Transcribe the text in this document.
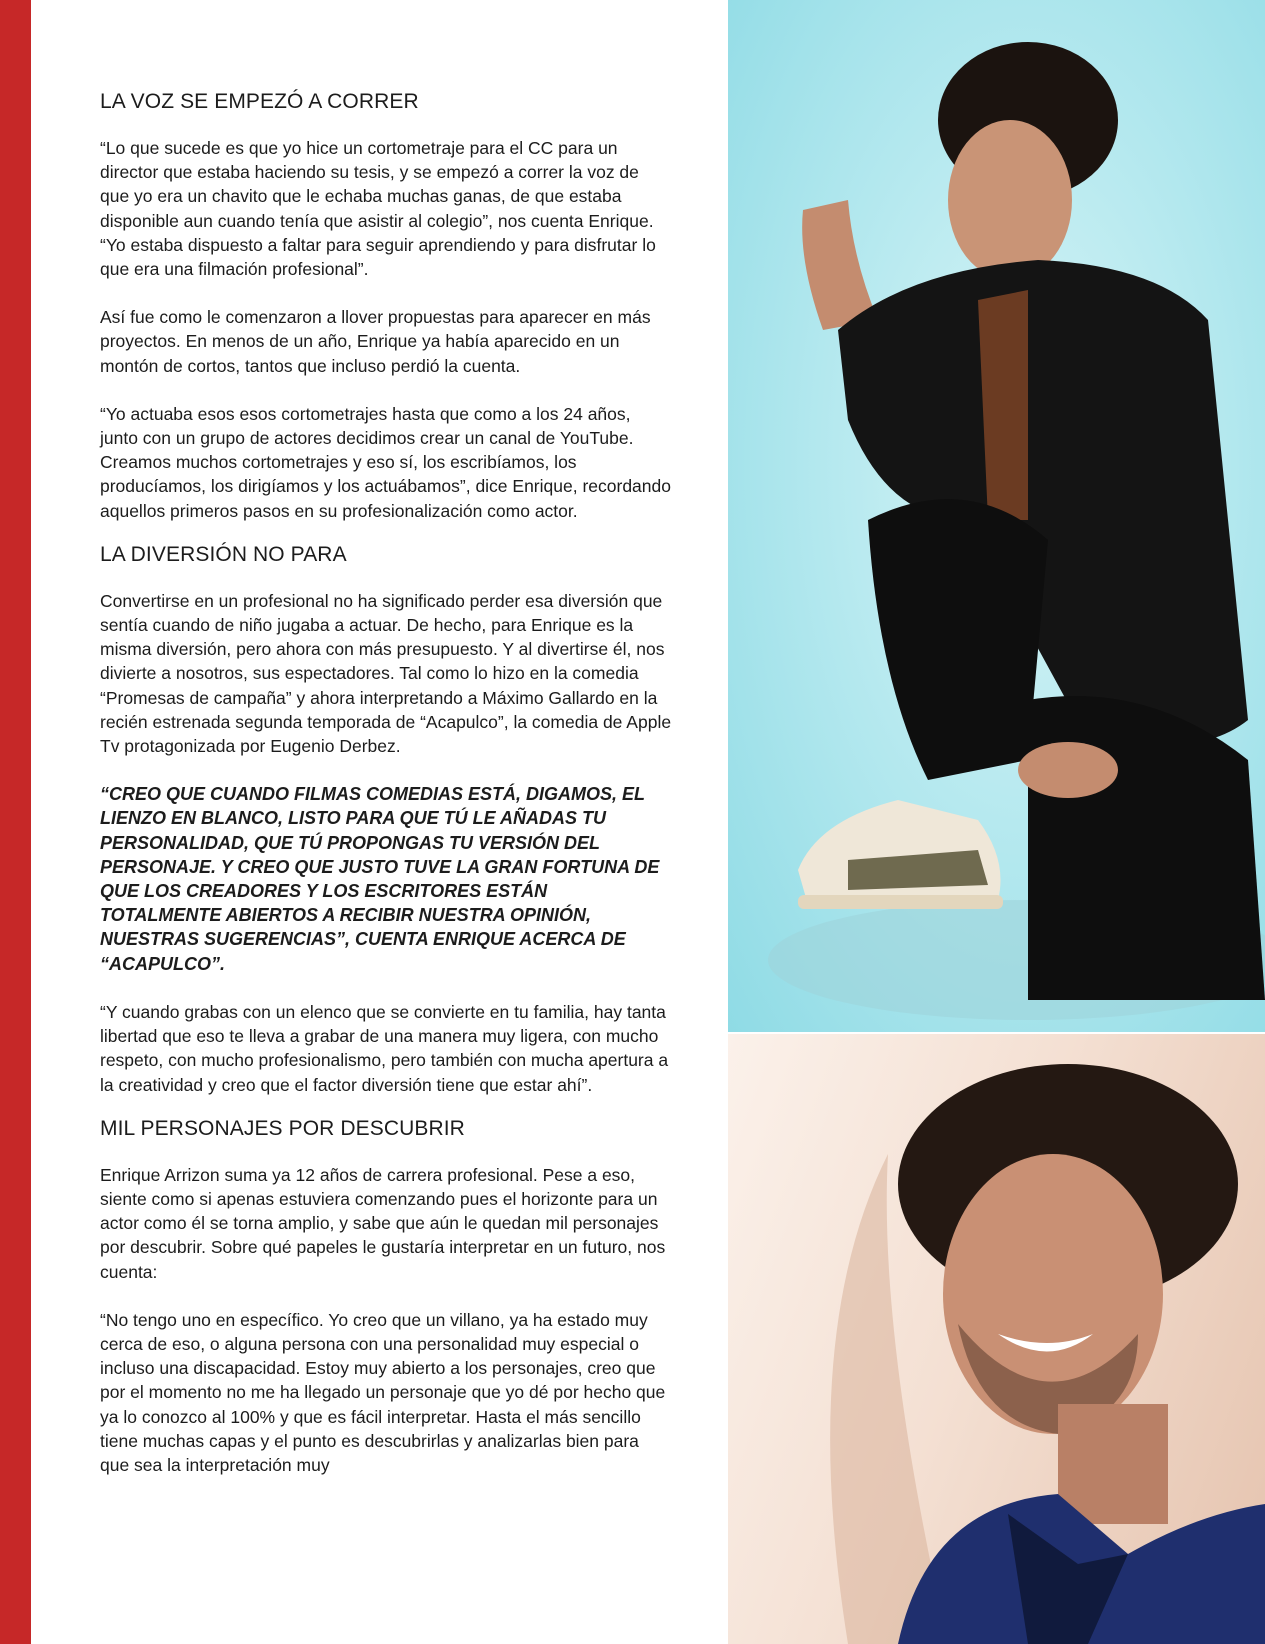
LA VOZ SE EMPEZÓ A CORRER

“Lo que sucede es que yo hice un cortometraje para el CC para un director que estaba haciendo su tesis, y se empezó a correr la voz de que yo era un chavito que le echaba muchas ganas, de que estaba disponible aun cuando tenía que asistir al colegio”, nos cuenta Enrique. “Yo estaba dispuesto a faltar para seguir aprendiendo y para disfrutar lo que era una filmación profesional”.

Así fue como le comenzaron a llover propuestas para aparecer en más proyectos. En menos de un año, Enrique ya había aparecido en un montón de cortos, tantos que incluso perdió la cuenta.

“Yo actuaba esos esos cortometrajes hasta que como a los 24 años, junto con un grupo de actores decidimos crear un canal de YouTube. Creamos muchos cortometrajes y eso sí, los escribíamos, los producíamos, los dirigíamos y los actuábamos”, dice Enrique, recordando aquellos primeros pasos en su profesionalización como actor.

LA DIVERSIÓN NO PARA

Convertirse en un profesional no ha significado perder esa diversión que sentía cuando de niño jugaba a actuar. De hecho, para Enrique es la misma diversión, pero ahora con más presupuesto. Y al divertirse él, nos divierte a nosotros, sus espectadores. Tal como lo hizo en la comedia “Promesas de campaña” y ahora interpretando a Máximo Gallardo en la recién estrenada segunda temporada de “Acapulco”, la comedia de Apple Tv protagonizada por Eugenio Derbez.

“CREO QUE CUANDO FILMAS COMEDIAS ESTÁ, DIGAMOS, EL LIENZO EN BLANCO, LISTO PARA QUE TÚ LE AÑADAS TU PERSONALIDAD, QUE TÚ PROPONGAS TU VERSIÓN DEL PERSONAJE. Y CREO QUE JUSTO TUVE LA GRAN FORTUNA DE QUE LOS CREADORES Y LOS ESCRITORES ESTÁN TOTALMENTE ABIERTOS A RECIBIR NUESTRA OPINIÓN, NUESTRAS SUGERENCIAS”, CUENTA ENRIQUE ACERCA DE “ACAPULCO”.

“Y cuando grabas con un elenco que se convierte en tu familia, hay tanta libertad que eso te lleva a grabar de una manera muy ligera, con mucho respeto, con mucho profesionalismo, pero también con mucha apertura a la creatividad y creo que el factor diversión tiene que estar ahí”.

MIL PERSONAJES POR DESCUBRIR

Enrique Arrizon suma ya 12 años de carrera profesional. Pese a eso, siente como si apenas estuviera comenzando pues el horizonte para un actor como él se torna amplio, y sabe que aún le quedan mil personajes por descubrir. Sobre qué papeles le gustaría interpretar en un futuro, nos cuenta:

“No tengo uno en específico. Yo creo que un villano, ya ha estado muy cerca de eso, o alguna persona con una personalidad muy especial o incluso una discapacidad. Estoy muy abierto a los personajes, creo que por el momento no me ha llegado un personaje que yo dé por hecho que ya lo conozco al 100% y que es fácil interpretar. Hasta el más sencillo tiene muchas capas y el punto es descubrirlas y analizarlas bien para que sea la interpretación muy
